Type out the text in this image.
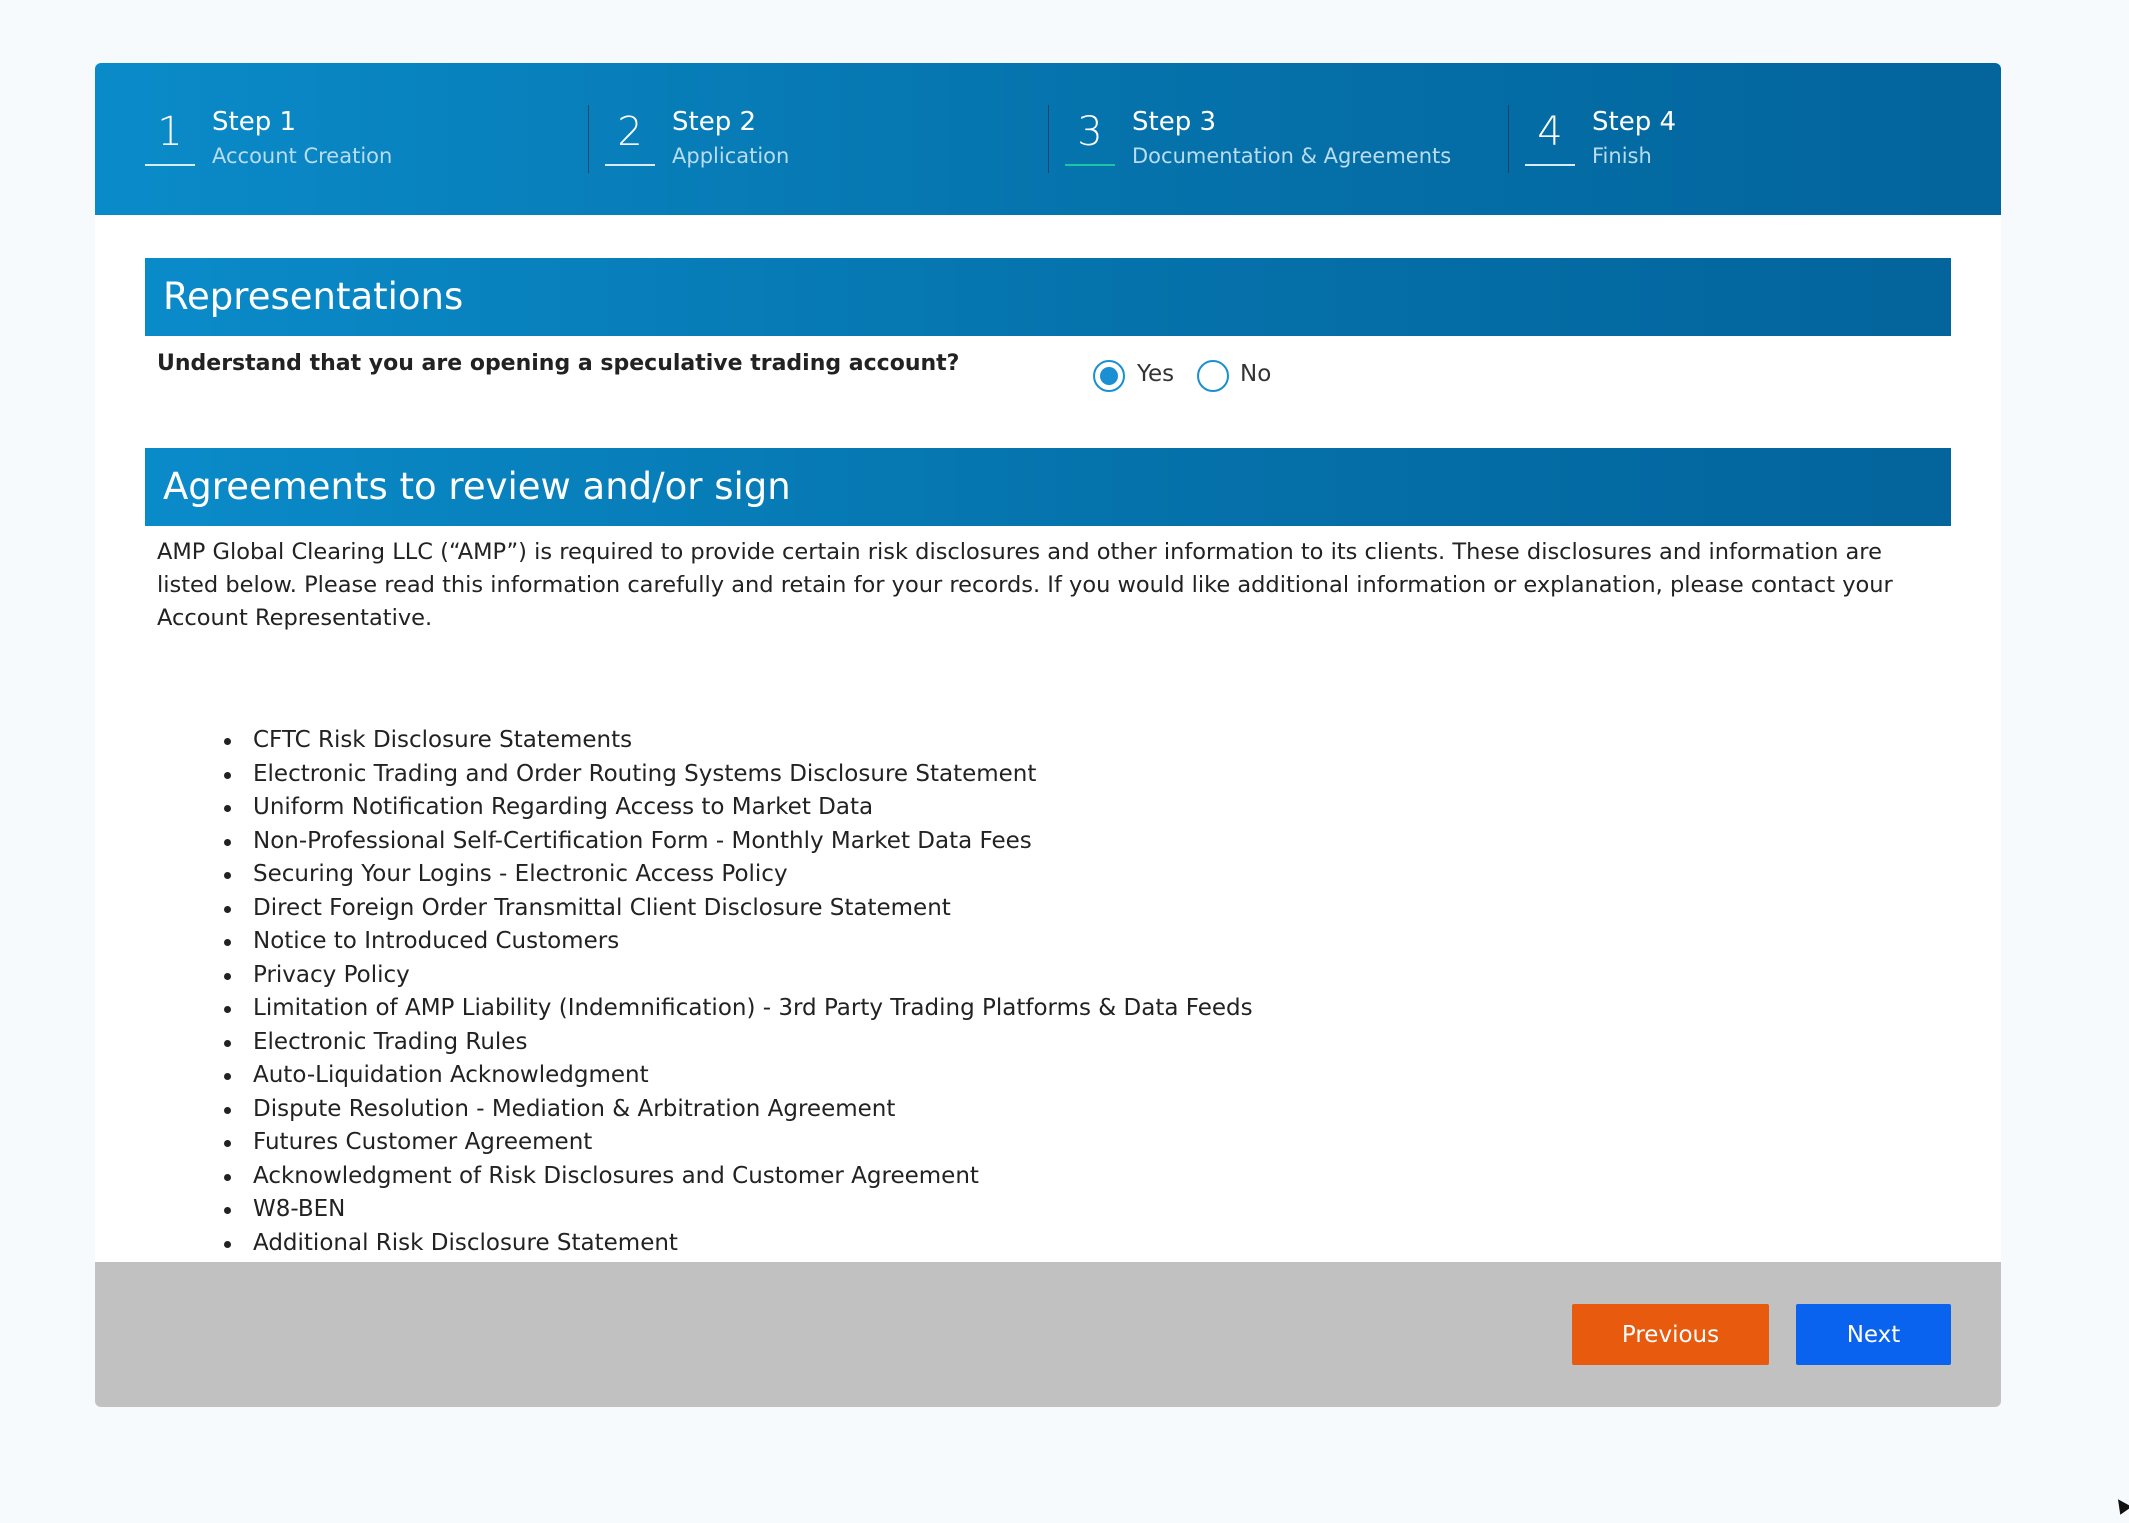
1	Step 1
Account Creation
2	Step 2
Application
3	Step 3
Documentation & Agreements
4	Step 4
Finish
Representations
Understand that you are opening a speculative trading account?	Yes	No
Agreements to review and/or sign
AMP Global Clearing LLC (“AMP”) is required to provide certain risk disclosures and other information to its clients. These disclosures and information are listed below. Please read this information carefully and retain for your records. If you would like additional information or explanation, please contact your Account Representative.
CFTC Risk Disclosure Statements
Electronic Trading and Order Routing Systems Disclosure Statement
Uniform Notification Regarding Access to Market Data
Non-Professional Self-Certification Form - Monthly Market Data Fees
Securing Your Logins - Electronic Access Policy
Direct Foreign Order Transmittal Client Disclosure Statement
Notice to Introduced Customers
Privacy Policy
Limitation of AMP Liability (Indemnification) - 3rd Party Trading Platforms & Data Feeds
Electronic Trading Rules
Auto-Liquidation Acknowledgment
Dispute Resolution - Mediation & Arbitration Agreement
Futures Customer Agreement
Acknowledgment of Risk Disclosures and Customer Agreement
W8-BEN
Additional Risk Disclosure Statement
Previous	Next
